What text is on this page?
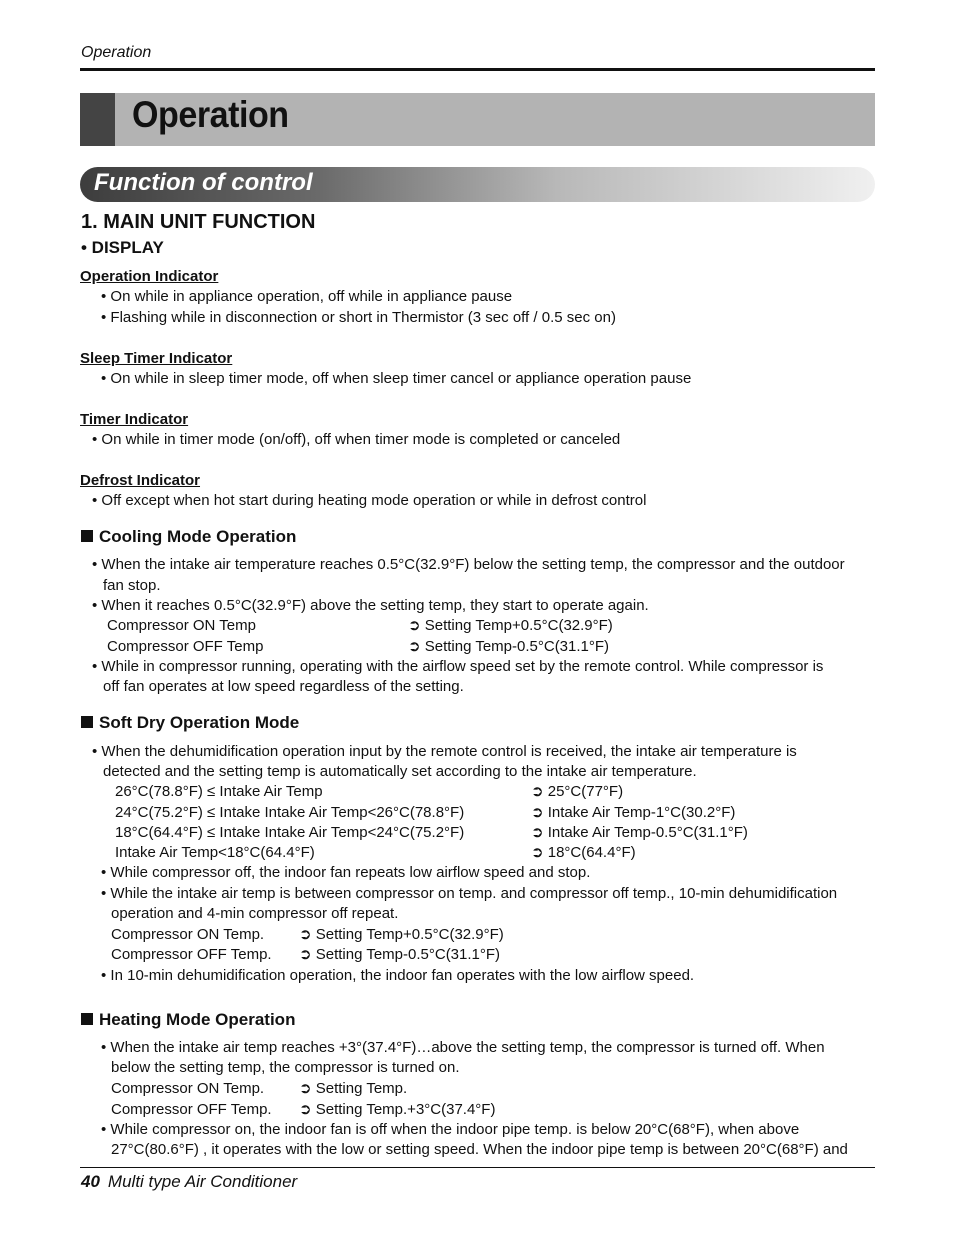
Operation
Operation
Function of control
1. MAIN UNIT FUNCTION
• DISPLAY
Operation Indicator
• On while in appliance operation, off while in appliance pause
• Flashing while in disconnection or short in Thermistor (3 sec off / 0.5 sec on)
Sleep Timer Indicator
• On while in sleep timer mode, off when sleep timer cancel or appliance operation pause
Timer Indicator
• On while in timer mode (on/off), off when timer mode is completed or canceled
Defrost Indicator
• Off except when hot start during heating mode operation or while in defrost control
Cooling Mode Operation
• When the intake air temperature reaches 0.5°C(32.9°F) below the setting temp, the compressor and the outdoor
fan stop.
• When it reaches 0.5°C(32.9°F) above the setting temp, they start to operate again.
Compressor ON Temp	➲ Setting Temp+0.5°C(32.9°F)
Compressor OFF Temp	➲ Setting Temp-0.5°C(31.1°F)
• While in compressor running, operating with the airflow speed set by the remote control. While compressor is
off fan operates at low speed regardless of the setting.
Soft Dry Operation Mode
• When the dehumidification operation input by the remote control is received, the intake air temperature is
detected and the setting temp is automatically set according to the intake air temperature.
26°C(78.8°F) ≤ Intake Air Temp	➲ 25°C(77°F)
24°C(75.2°F) ≤ Intake Intake Air Temp<26°C(78.8°F)	➲ Intake Air Temp-1°C(30.2°F)
18°C(64.4°F) ≤ Intake Intake Air Temp<24°C(75.2°F)	➲ Intake Air Temp-0.5°C(31.1°F)
Intake Air Temp<18°C(64.4°F)	➲ 18°C(64.4°F)
• While compressor off, the indoor fan repeats low airflow speed and stop.
• While the intake air temp is between compressor on temp. and compressor off temp., 10-min dehumidification
operation and 4-min compressor off repeat.
Compressor ON Temp. ➲ Setting Temp+0.5°C(32.9°F)
Compressor OFF Temp. ➲ Setting Temp-0.5°C(31.1°F)
• In 10-min dehumidification operation, the indoor fan operates with the low airflow speed.
Heating Mode Operation
• When the intake air temp reaches +3°(37.4°F)…above the setting temp, the compressor is turned off. When
below the setting temp, the compressor is turned on.
Compressor ON Temp. ➲ Setting Temp.
Compressor OFF Temp. ➲ Setting Temp.+3°C(37.4°F)
• While compressor on, the indoor fan is off when the indoor pipe temp. is below 20°C(68°F), when above
27°C(80.6°F) , it operates with the low or setting speed. When the indoor pipe temp is between 20°C(68°F) and
40 Multi type Air Conditioner
